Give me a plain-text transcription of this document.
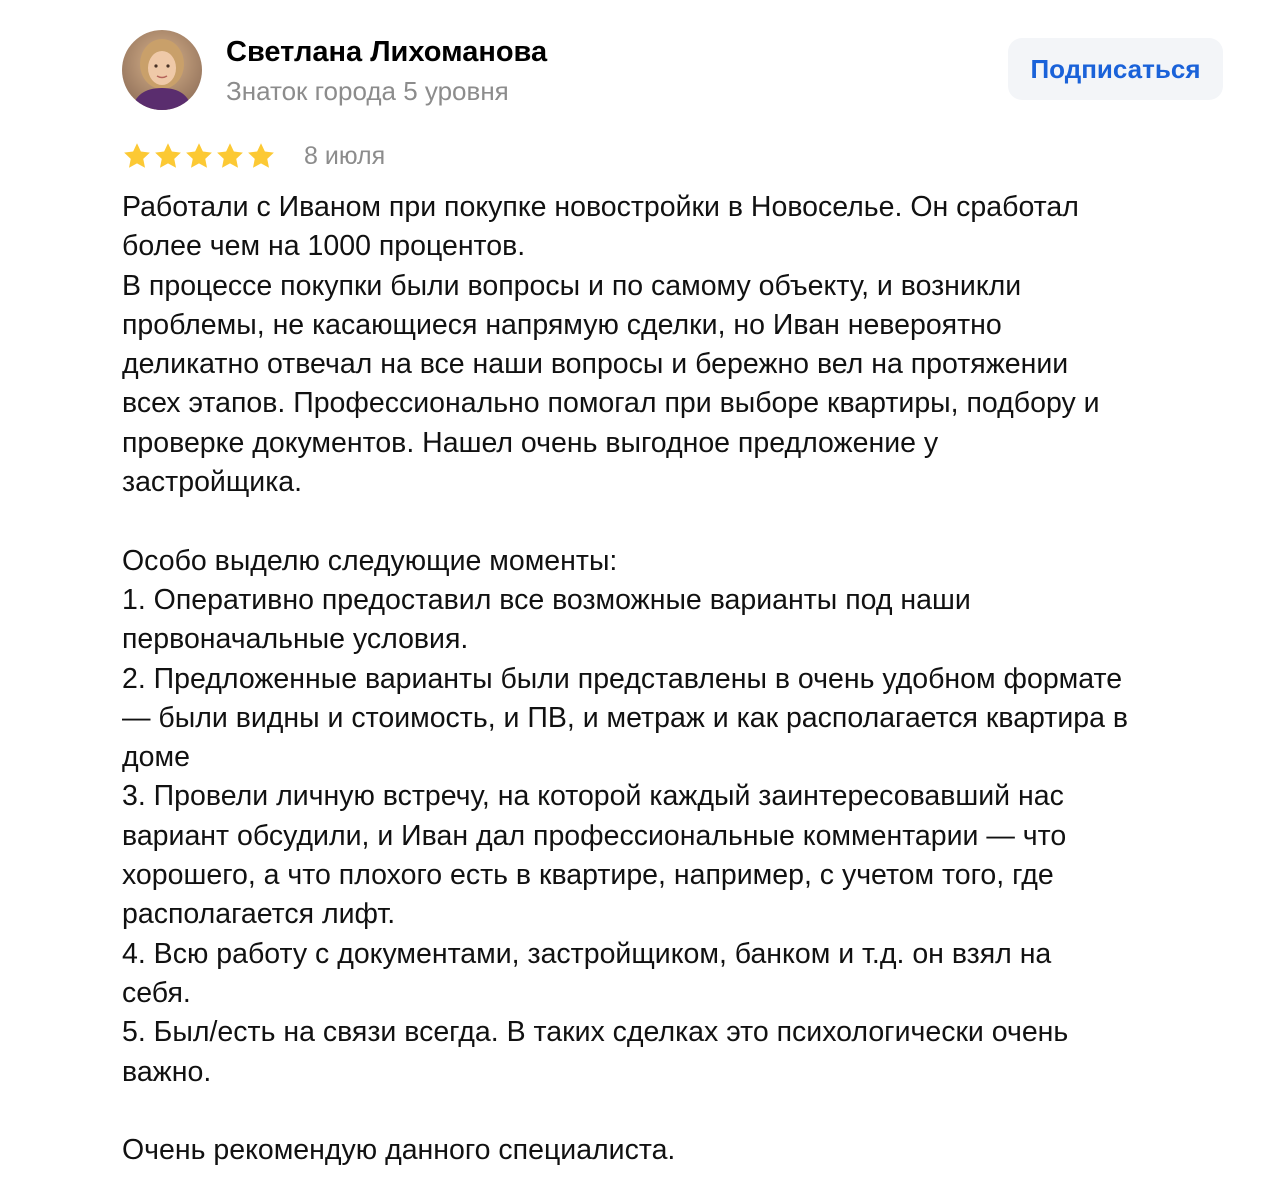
Светлана Лихоманова
Знаток города 5 уровня
Подписаться
8 июля

Работали с Иваном при покупке новостройки в Новоселье. Он сработал

более чем на 1000 процентов.

В процессе покупки были вопросы и по самому объекту, и возникли

проблемы, не касающиеся напрямую сделки, но Иван невероятно

деликатно отвечал на все наши вопросы и бережно вел на протяжении

всех этапов. Профессионально помогал при выборе квартиры, подбору и

проверке документов. Нашел очень выгодное предложение у

застройщика.

Особо выделю следующие моменты:

1. Оперативно предоставил все возможные варианты под наши

первоначальные условия.

2. Предложенные варианты были представлены в очень удобном формате

— были видны и стоимость, и ПВ, и метраж и как располагается квартира в

доме

3. Провели личную встречу, на которой каждый заинтересовавший нас

вариант обсудили, и Иван дал профессиональные комментарии — что

хорошего, а что плохого есть в квартире, например, с учетом того, где

располагается лифт.

4. Всю работу с документами, застройщиком, банком и т.д. он взял на

себя.

5. Был/есть на связи всегда. В таких сделках это психологически очень

важно.

Очень рекомендую данного специалиста.
